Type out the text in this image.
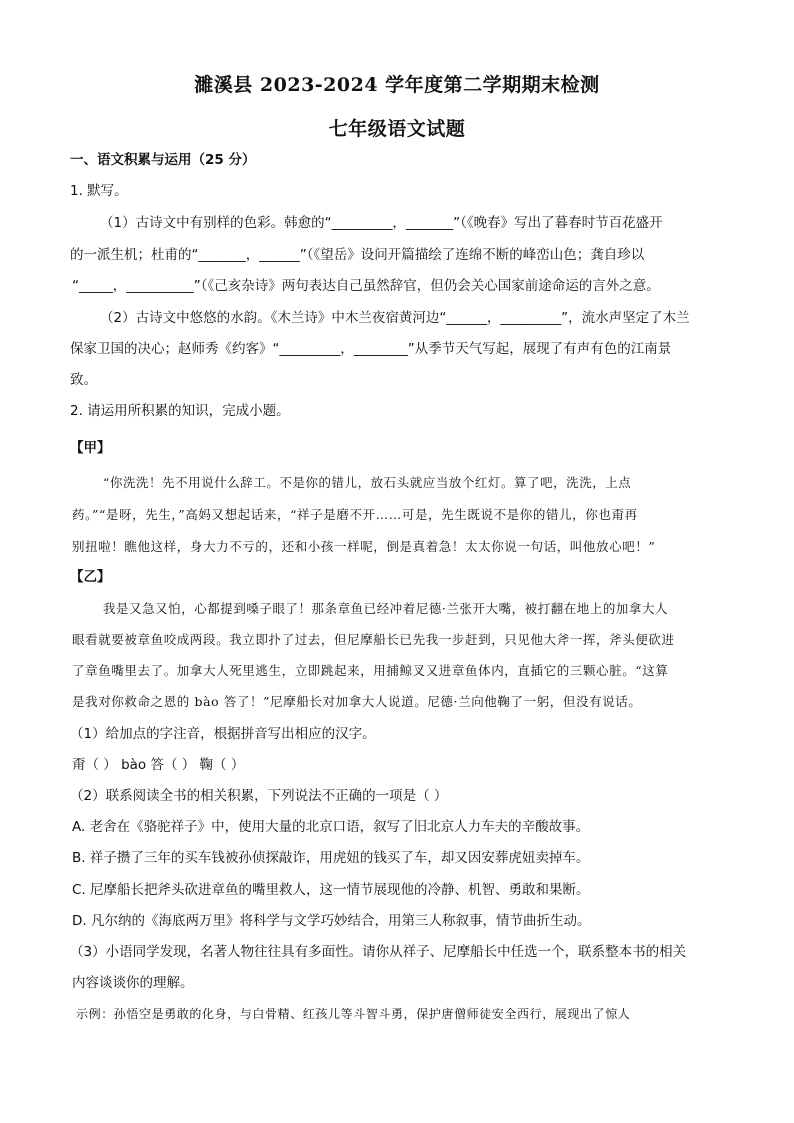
濉溪县 2023-2024 学年度第二学期期末检测
七年级语文试题
一、语文积累与运用（25 分）
1. 默写。
（1）古诗文中有别样的色彩。韩愈的“_________，_______”（《晚春》写出了暮春时节百花盛开
的一派生机；杜甫的“_______，______”（《望岳》设问开篇描绘了连绵不断的峰峦山色；龚自珍以
“_____，__________”（《己亥杂诗》两句表达自己虽然辞官，但仍会关心国家前途命运的言外之意。
（2）古诗文中悠悠的水韵。《木兰诗》中木兰夜宿黄河边“______，_________”，流水声坚定了木兰
保家卫国的决心；赵师秀《约客》“_________，________”从季节天气写起，展现了有声有色的江南景
致。
2. 请运用所积累的知识，完成小题。
【甲】
“你洗洗！先不用说什么辞工。不是你的错儿，放石头就应当放个红灯。算了吧，洗洗，上点
药。”“是呀，先生，”高妈又想起话来，“祥子是磨不开……可是，先生既说不是你的错儿，你也甭再
别扭啦！瞧他这样，身大力不亏的，还和小孩一样呢，倒是真着急！太太你说一句话，叫他放心吧！”
【乙】
我是又急又怕，心都提到嗓子眼了！那条章鱼已经冲着尼德·兰张开大嘴，被打翻在地上的加拿大人
眼看就要被章鱼咬成两段。我立即扑了过去，但尼摩船长已先我一步赶到，只见他大斧一挥，斧头便砍进
了章鱼嘴里去了。加拿大人死里逃生，立即跳起来，用捕鲸叉又进章鱼体内，直插它的三颗心脏。“这算
是我对你救命之恩的 bào 答了！”尼摩船长对加拿大人说道。尼德·兰向他鞠了一躬，但没有说话。
（1）给加点的字注音，根据拼音写出相应的汉字。
甭（ ） bào 答（ ） 鞠（ ）
（2）联系阅读全书的相关积累，下列说法不正确的一项是（ ）
A. 老舍在《骆驼祥子》中，使用大量的北京口语，叙写了旧北京人力车夫的辛酸故事。
B. 祥子攒了三年的买车钱被孙侦探敲诈，用虎妞的钱买了车，却又因安葬虎妞卖掉车。
C. 尼摩船长把斧头砍进章鱼的嘴里救人，这一情节展现他的冷静、机智、勇敢和果断。
D. 凡尔纳的《海底两万里》将科学与文学巧妙结合，用第三人称叙事，情节曲折生动。
（3）小语同学发现，名著人物往往具有多面性。请你从祥子、尼摩船长中任选一个，联系整本书的相关
内容谈谈你的理解。
示例：孙悟空是勇敢的化身，与白骨精、红孩儿等斗智斗勇，保护唐僧师徒安全西行，展现出了惊人
